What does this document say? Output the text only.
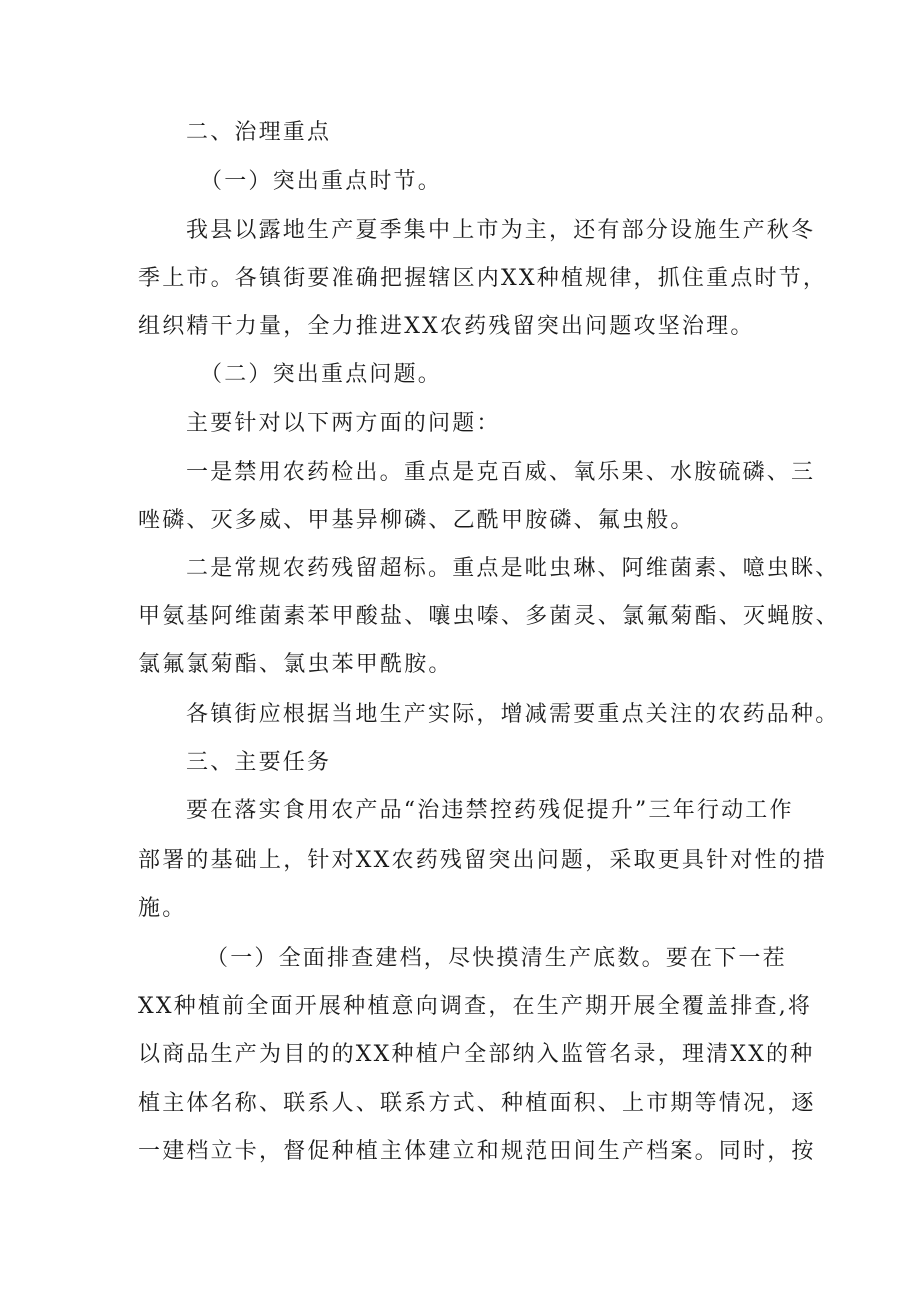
二、治理重点
（一）突出重点时节。
我县以露地生产夏季集中上市为主，还有部分设施生产秋冬
季上市。各镇街要准确把握辖区内XX种植规律，抓住重点时节，
组织精干力量，全力推进XX农药残留突出问题攻坚治理。
（二）突出重点问题。
主要针对以下两方面的问题：
一是禁用农药检出。重点是克百威、氧乐果、水胺硫磷、三
唑磷、灭多威、甲基异柳磷、乙酰甲胺磷、氟虫般。
二是常规农药残留超标。重点是吡虫琳、阿维菌素、噫虫眯、
甲氨基阿维菌素苯甲酸盐、嚷虫嗪、多菌灵、氯氟菊酯、灭蝇胺、
氯氟氯菊酯、氯虫苯甲酰胺。
各镇街应根据当地生产实际，增减需要重点关注的农药品种。
三、主要任务
要在落实食用农产品“治违禁控药残促提升”三年行动工作
部署的基础上，针对XX农药残留突出问题，采取更具针对性的措
施。
（一）全面排查建档，尽快摸清生产底数。要在下一茬
XX种植前全面开展种植意向调查，在生产期开展全覆盖排查,将
以商品生产为目的的XX种植户全部纳入监管名录，理清XX的种
植主体名称、联系人、联系方式、种植面积、上市期等情况，逐
一建档立卡，督促种植主体建立和规范田间生产档案。同时，按
